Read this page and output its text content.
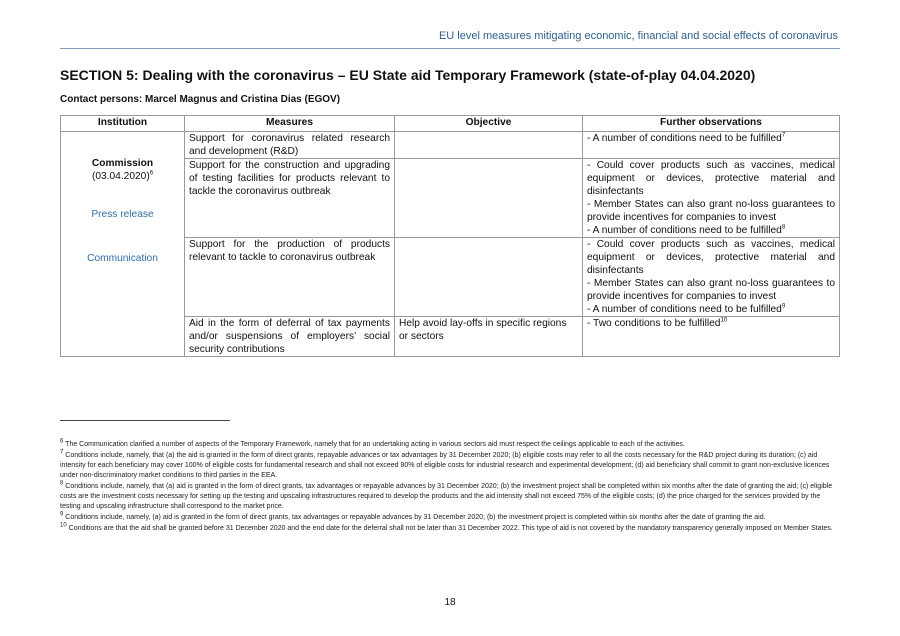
EU level measures mitigating economic, financial and social effects of coronavirus
SECTION 5: Dealing with the coronavirus – EU State aid Temporary Framework (state-of-play 04.04.2020)
Contact persons: Marcel Magnus and Cristina Dias (EGOV)
Institution	Measures	Objective	Further observations

Commission
$(03.04.2020)^6$
Press release
Communication	Support for coronavirus related research and development (R&D)		- A number of conditions need to be fulfilled$^7$

	Support for the construction and upgrading of testing facilities for products relevant to tackle the coronavirus outbreak		- Could cover products such as vaccines, medical equipment or devices, protective material and disinfectants
- Member States can also grant no-loss guarantees to provide incentives for companies to invest
- A number of conditions need to be fulfilled$^8$

	Support for the production of products relevant to tackle to coronavirus outbreak		- Could cover products such as vaccines, medical equipment or devices, protective material and disinfectants
- Member States can also grant no-loss guarantees to provide incentives for companies to invest
- A number of conditions need to be fulfilled$^9$

	Aid in the form of deferral of tax payments and/or suspensions of employers’ social security contributions	Help avoid lay-offs in specific regions or sectors	- Two conditions to be fulfilled$^{10}$

$^6$ The Communication clarified a number of aspects of the Temporary Framework, namely that for an undertaking acting in various sectors aid must respect the ceilings applicable to each of the activities.

$^7$ Conditions include, namely, that (a) the aid is granted in the form of direct grants, repayable advances or tax advantages by 31 December 2020; (b) eligible costs may refer to all the costs necessary for the R&D project during its duration; (c) aid intensity for each beneficiary may cover 100% of eligible costs for fundamental research and shall not exceed 80% of eligible costs for industrial research and experimental development; (d) aid beneficiary shall commit to grant non-exclusive licences under non-discriminatory market conditions to third parties in the EEA.

$^8$ Conditions include, namely, that (a) aid is granted in the form of direct grants, tax advantages or repayable advances by 31 December 2020; (b) the investment project shall be completed within six months after the date of granting the aid; (c) eligible costs are the investment costs necessary for setting up the testing and upscaling infrastructures required to develop the products and the aid intensity shall not exceed 75% of the eligible costs; (d) the price charged for the services provided by the testing and upscaling infrastructure shall correspond to the market price.

$^9$ Conditions include, namely, (a) aid is granted in the form of direct grants, tax advantages or repayable advances by 31 December 2020; (b) the investment project is completed within six months after the date of granting the aid.

$^{10}$ Conditions are that the aid shall be granted before 31 December 2020 and the end date for the deferral shall not be later than 31 December 2022. This type of aid is not covered by the mandatory transparency generally imposed on Member States.

18
